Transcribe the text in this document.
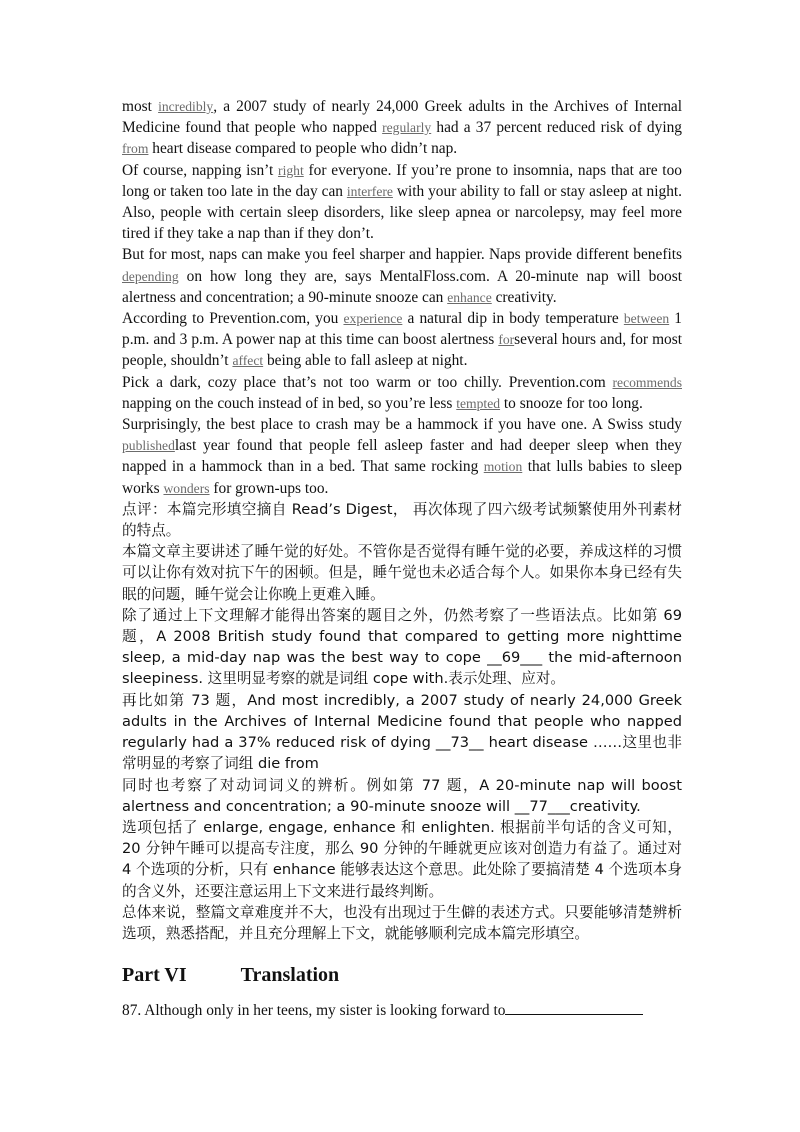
most incredibly, a 2007 study of nearly 24,000 Greek adults in the Archives of Internal Medicine found that people who napped regularly had a 37 percent reduced risk of dying from heart disease compared to people who didn’t nap.

Of course, napping isn’t right for everyone. If you’re prone to insomnia, naps that are too long or taken too late in the day can interfere with your ability to fall or stay asleep at night. Also, people with certain sleep disorders, like sleep apnea or narcolepsy, may feel more tired if they take a nap than if they don’t.

But for most, naps can make you feel sharper and happier. Naps provide different benefits depending on how long they are, says MentalFloss.com. A 20-minute nap will boost alertness and concentration; a 90-minute snooze can enhance creativity.

According to Prevention.com, you experience a natural dip in body temperature between 1 p.m. and 3 p.m. A power nap at this time can boost alertness forseveral hours and, for most people, shouldn’t affect being able to fall asleep at night.

Pick a dark, cozy place that’s not too warm or too chilly. Prevention.com recommends napping on the couch instead of in bed, so you’re less tempted to snooze for too long.

Surprisingly, the best place to crash may be a hammock if you have one. A Swiss study publishedlast year found that people fell asleep faster and had deeper sleep when they napped in a hammock than in a bed. That same rocking motion that lulls babies to sleep works wonders for grown-ups too.

点评：本篇完形填空摘自 Read’s Digest， 再次体现了四六级考试频繁使用外刊素材的特点。

本篇文章主要讲述了睡午觉的好处。不管你是否觉得有睡午觉的必要，养成这样的习惯可以让你有效对抗下午的困顿。但是，睡午觉也未必适合每个人。如果你本身已经有失眠的问题，睡午觉会让你晚上更难入睡。

除了通过上下文理解才能得出答案的题目之外，仍然考察了一些语法点。比如第 69 题，A 2008 British study found that compared to getting more nighttime sleep, a mid-day nap was the best way to cope __69___ the mid-afternoon sleepiness. 这里明显考察的就是词组 cope with.表示处理、应对。

再比如第 73 题，And most incredibly, a 2007 study of nearly 24,000 Greek adults in the Archives of Internal Medicine found that people who napped regularly had a 37% reduced risk of dying __73__ heart disease ……这里也非常明显的考察了词组 die from

同时也考察了对动词词义的辨析。例如第 77 题，A 20-minute nap will boost alertness and concentration; a 90-minute snooze will __77___creativity.

选项包括了 enlarge, engage, enhance 和 enlighten. 根据前半句话的含义可知，20 分钟午睡可以提高专注度，那么 90 分钟的午睡就更应该对创造力有益了。通过对 4 个选项的分析，只有 enhance 能够表达这个意思。此处除了要搞清楚 4 个选项本身的含义外，还要注意运用上下文来进行最终判断。

总体来说，整篇文章难度并不大，也没有出现过于生僻的表述方式。只要能够清楚辨析选项，熟悉搭配，并且充分理解上下文，就能够顺利完成本篇完形填空。

Part VI	Translation
87. Although only in her teens, my sister is looking forward to
